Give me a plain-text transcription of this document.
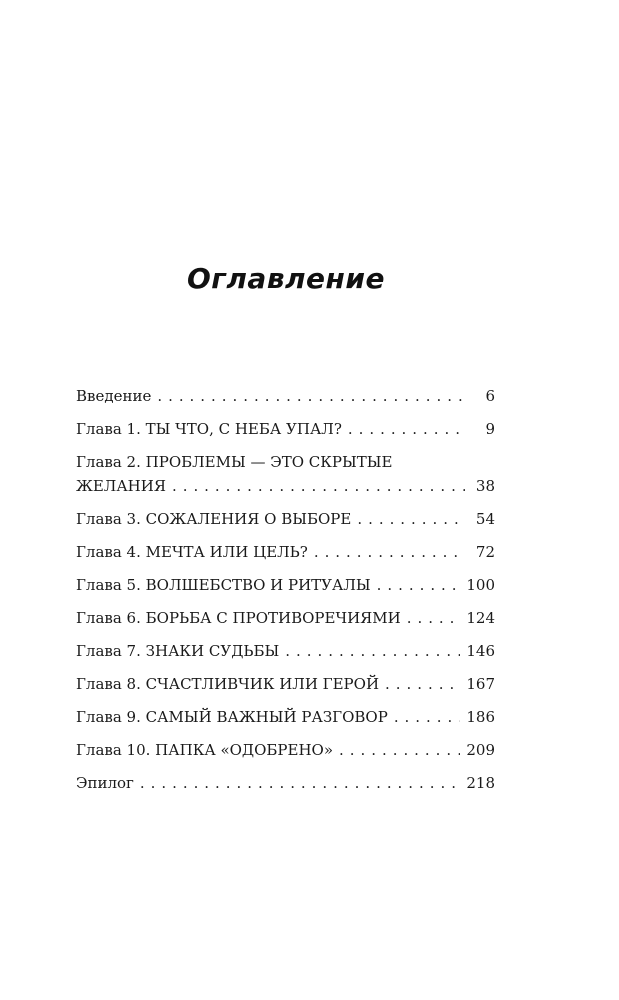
Оглавление
Введение . . .	6
Глава 1. ТЫ ЧТО, С НЕБА УПАЛ? . . .	9
Глава 2. ПРОБЛЕМЫ — ЭТО СКРЫТЫЕ
ЖЕЛАНИЯ . . .	38
Глава 3. СОЖАЛЕНИЯ О ВЫБОРЕ . . .	54
Глава 4. МЕЧТА ИЛИ ЦЕЛЬ? . . .	72
Глава 5. ВОЛШЕБСТВО И РИТУАЛЫ . . .	100
Глава 6. БОРЬБА С ПРОТИВОРЕЧИЯМИ . . .	124
Глава 7. ЗНАКИ СУДЬБЫ . . .	146
Глава 8. СЧАСТЛИВЧИК ИЛИ ГЕРОЙ . . .	167
Глава 9. САМЫЙ ВАЖНЫЙ РАЗГОВОР . . .	186
Глава 10. ПАПКА «ОДОБРЕНО» . . .	209
Эпилог . . .	218
